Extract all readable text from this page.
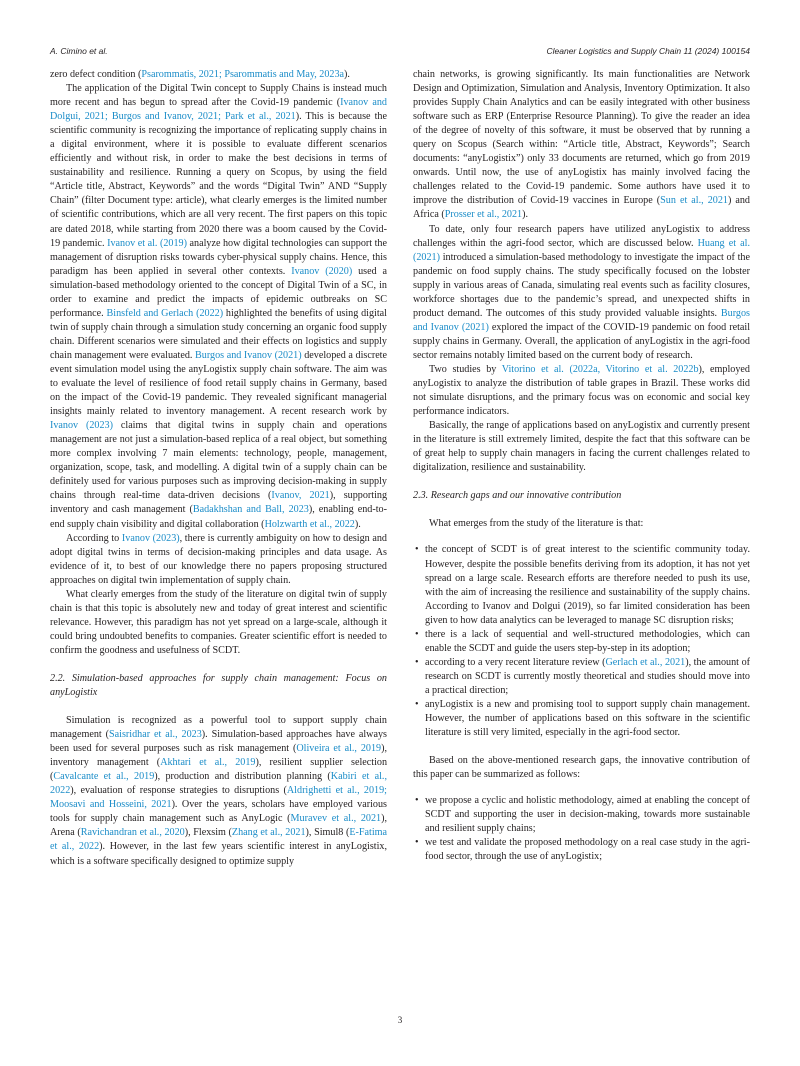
A. Cimino et al.	Cleaner Logistics and Supply Chain 11 (2024) 100154

zero defect condition (Psarommatis, 2021; Psarommatis and May, 2023a).

The application of the Digital Twin concept to Supply Chains is instead much more recent and has begun to spread after the Covid-19 pandemic (Ivanov and Dolgui, 2021; Burgos and Ivanov, 2021; Park et al., 2021). This is because the scientific community is recognizing the importance of replicating supply chains in a digital environment, where it is possible to evaluate different scenarios efficiently and without risk, in order to make the best decisions in terms of sustainability and resilience. Running a query on Scopus, by using the field “Article title, Abstract, Keywords” and the words “Digital Twin” AND “Supply Chain” (filter Document type: article), what clearly emerges is the limited number of scientific contributions, which are all very recent. The first papers on this topic are dated 2018, while starting from 2020 there was a boom caused by the Covid-19 pandemic. Ivanov et al. (2019) analyze how digital technologies can support the management of disruption risks towards cyber-physical supply chains. Hence, this paradigm has been applied in several other contexts. Ivanov (2020) used a simulation-based methodology oriented to the concept of Digital Twin of a SC, in order to examine and predict the impacts of epidemic outbreaks on SC performance. Binsfeld and Gerlach (2022) highlighted the benefits of using digital twin of supply chain through a simulation study concerning an organic food supply chain. Different scenarios were simulated and their effects on logistics and supply chain management were evaluated. Burgos and Ivanov (2021) developed a discrete event simulation model using the anyLogistix supply chain software. The aim was to evaluate the level of resilience of food retail supply chains in Germany, based on the impact of the Covid-19 pandemic. They revealed significant managerial insights mainly related to inventory management. A recent research work by Ivanov (2023) claims that digital twins in supply chain and operations management are not just a simulation-based replica of a real object, but something more complex involving 7 main elements: technology, people, management, organization, scope, task, and modelling. A digital twin of a supply chain can be definitely used for various purposes such as improving decision-making in supply chains through real-time data-driven decisions (Ivanov, 2021), supporting inventory and cash management (Badakhshan and Ball, 2023), enabling end-to-end supply chain visibility and digital collaboration (Holzwarth et al., 2022).

According to Ivanov (2023), there is currently ambiguity on how to design and adopt digital twins in terms of decision-making principles and data usage. As evidence of it, to best of our knowledge there no papers proposing structured approaches on digital twin implementation of supply chain.

What clearly emerges from the study of the literature on digital twin of supply chain is that this topic is absolutely new and today of great interest and scientific relevance. However, this paradigm has not yet spread on a large-scale, although it could bring undoubted benefits to companies. Greater scientific effort is needed to confirm the goodness and usefulness of SCDT.

2.2. Simulation-based approaches for supply chain management: Focus on anyLogistix

Simulation is recognized as a powerful tool to support supply chain management (Saisridhar et al., 2023). Simulation-based approaches have always been used for several purposes such as risk management (Oliveira et al., 2019), inventory management (Akhtari et al., 2019), resilient supplier selection (Cavalcante et al., 2019), production and distribution planning (Kabiri et al., 2022), evaluation of response strategies to disruptions (Aldrighetti et al., 2019; Moosavi and Hosseini, 2021). Over the years, scholars have employed various tools for supply chain management such as AnyLogic (Muravev et al., 2021), Arena (Ravichandran et al., 2020), Flexsim (Zhang et al., 2021), Simul8 (E-Fatima et al., 2022). However, in the last few years scientific interest in anyLogistix, which is a software specifically designed to optimize supply

chain networks, is growing significantly. Its main functionalities are Network Design and Optimization, Simulation and Analysis, Inventory Optimization. It also provides Supply Chain Analytics and can be easily integrated with other business software such as ERP (Enterprise Resource Planning). To give the reader an idea of the degree of novelty of this software, it must be observed that by running a query on Scopus (Search within: “Article title, Abstract, Keywords”; Search documents: “anyLogistix”) only 33 documents are returned, which go from 2019 onwards. Until now, the use of anyLogistix has mainly involved facing the challenges related to the Covid-19 pandemic. Some authors have used it to improve the distribution of Covid-19 vaccines in Europe (Sun et al., 2021) and Africa (Prosser et al., 2021).

To date, only four research papers have utilized anyLogistix to address challenges within the agri-food sector, which are discussed below. Huang et al. (2021) introduced a simulation-based methodology to investigate the impact of the pandemic on food supply chains. The study specifically focused on the lobster supply in various areas of Canada, simulating real events such as facility closures, workforce shortages due to the pandemic’s spread, and unexpected shifts in product demand. The outcomes of this study provided valuable insights. Burgos and Ivanov (2021) explored the impact of the COVID-19 pandemic on food retail supply chains in Germany. Overall, the application of anyLogistix in the agri-food sector remains notably limited based on the current body of research.

Two studies by Vitorino et al. (2022a, Vitorino et al. 2022b), employed anyLogistix to analyze the distribution of table grapes in Brazil. These works did not simulate disruptions, and the primary focus was on economic and social key performance indicators.

Basically, the range of applications based on anyLogistix and currently present in the literature is still extremely limited, despite the fact that this software can be of great help to supply chain managers in facing the current challenges related to digitalization, resilience and sustainability.

2.3. Research gaps and our innovative contribution

What emerges from the study of the literature is that:

• the concept of SCDT is of great interest to the scientific community today. However, despite the possible benefits deriving from its adoption, it has not yet spread on a large scale. Research efforts are therefore needed to push its use, with the aim of increasing the resilience and sustainability of the supply chains. According to Ivanov and Dolgui (2019), so far limited consideration has been given to how data analytics can be leveraged to manage SC disruption risks;
• there is a lack of sequential and well-structured methodologies, which can enable the SCDT and guide the users step-by-step in its adoption;
• according to a very recent literature review (Gerlach et al., 2021), the amount of research on SCDT is currently mostly theoretical and studies should move into a practical direction;
• anyLogistix is a new and promising tool to support supply chain management. However, the number of applications based on this software in the scientific literature is still very limited, especially in the agri-food sector.

Based on the above-mentioned research gaps, the innovative contribution of this paper can be summarized as follows:

• we propose a cyclic and holistic methodology, aimed at enabling the concept of SCDT and supporting the user in decision-making, towards more sustainable and resilient supply chains;
• we test and validate the proposed methodology on a real case study in the agri-food sector, through the use of anyLogistix;
3
